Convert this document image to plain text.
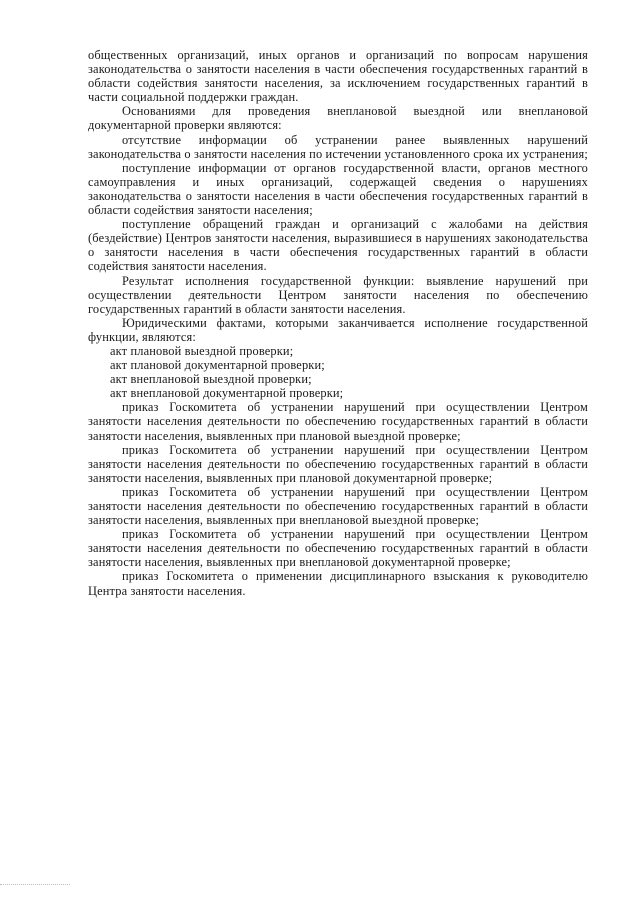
общественных организаций, иных органов и организаций по вопросам нарушения законодательства о занятости населения в части обеспечения государственных гарантий в области содействия занятости населения, за исключением государственных гарантий в части социальной поддержки граждан.

Основаниями для проведения внеплановой выездной или внеплановой документарной проверки являются:

отсутствие информации об устранении ранее выявленных нарушений законодательства о занятости населения по истечении установленного срока их устранения;

поступление информации от органов государственной власти, органов местного самоуправления и иных организаций, содержащей сведения о нарушениях законодательства о занятости населения в части обеспечения государственных гарантий в области содействия занятости населения;

поступление обращений граждан и организаций с жалобами на действия (бездействие) Центров занятости населения, выразившиеся в нарушениях законодательства о занятости населения в части обеспечения государственных гарантий в области содействия занятости населения.

Результат исполнения государственной функции: выявление нарушений при осуществлении деятельности Центром занятости населения по обеспечению государственных гарантий в области занятости населения.

Юридическими фактами, которыми заканчивается исполнение государственной функции, являются:

акт плановой выездной проверки;

акт плановой документарной проверки;

акт внеплановой выездной проверки;

акт внеплановой документарной проверки;

приказ Госкомитета об устранении нарушений при осуществлении Центром занятости населения деятельности по обеспечению государственных гарантий в области занятости населения, выявленных при плановой выездной проверке;

приказ Госкомитета об устранении нарушений при осуществлении Центром занятости населения деятельности по обеспечению государственных гарантий в области занятости населения, выявленных при плановой документарной проверке;

приказ Госкомитета об устранении нарушений при осуществлении Центром занятости населения деятельности по обеспечению государственных гарантий в области занятости населения, выявленных при внеплановой выездной проверке;

приказ Госкомитета об устранении нарушений при осуществлении Центром занятости населения деятельности по обеспечению государственных гарантий в области занятости населения, выявленных при внеплановой документарной проверке;

приказ Госкомитета о применении дисциплинарного взыскания к руководителю Центра занятости населения.
